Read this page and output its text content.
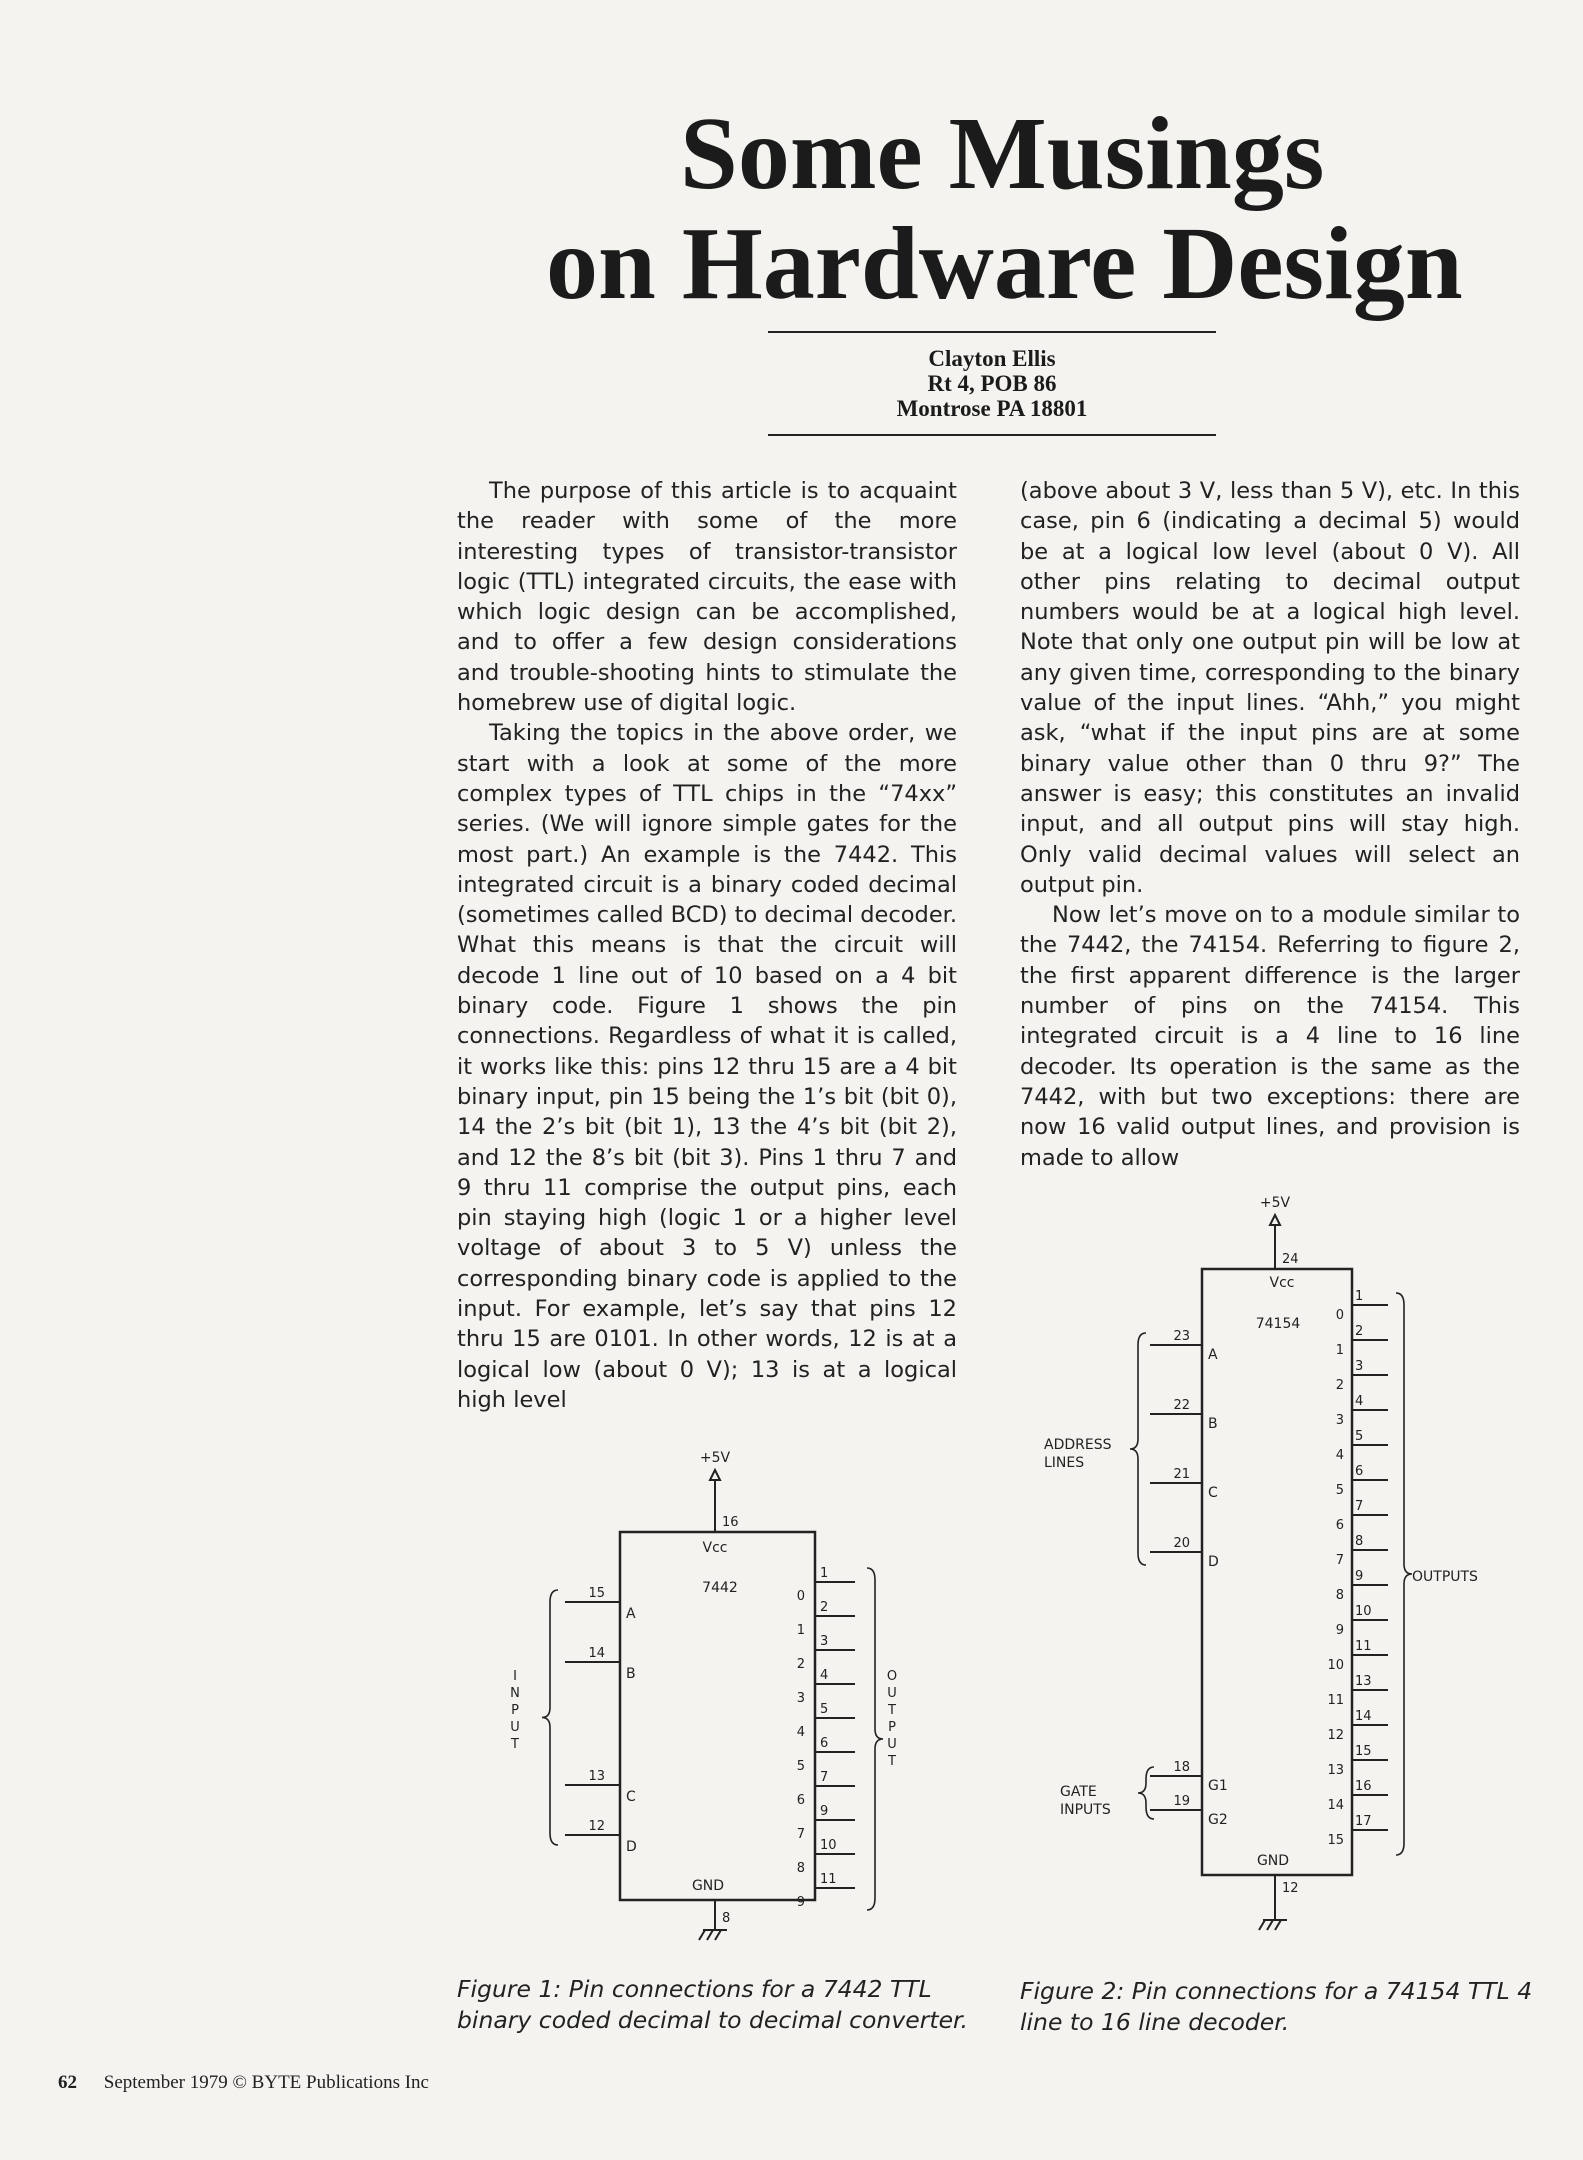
Some Musings
on Hardware Design
Clayton Ellis
Rt 4, POB 86
Montrose PA 18801

The purpose of this article is to acquaint the reader with some of the more interesting types of transistor-transistor logic (TTL) integrated circuits, the ease with which logic design can be accomplished, and to offer a few design considerations and trouble-shooting hints to stimulate the homebrew use of digital logic.

Taking the topics in the above order, we start with a look at some of the more complex types of TTL chips in the “74xx” series. (We will ignore simple gates for the most part.) An example is the 7442. This integrated circuit is a binary coded decimal (sometimes called BCD) to decimal decoder. What this means is that the circuit will decode 1 line out of 10 based on a 4 bit binary code. Figure 1 shows the pin connections. Regardless of what it is called, it works like this: pins 12 thru 15 are a 4 bit binary input, pin 15 being the 1’s bit (bit 0), 14 the 2’s bit (bit 1), 13 the 4’s bit (bit 2), and 12 the 8’s bit (bit 3). Pins 1 thru 7 and 9 thru 11 comprise the output pins, each pin staying high (logic 1 or a higher level voltage of about 3 to 5 V) unless the corresponding binary code is applied to the input. For example, let’s say that pins 12 thru 15 are 0101. In other words, 12 is at a logical low (about 0 V); 13 is at a logical high level

(above about 3 V, less than 5 V), etc. In this case, pin 6 (indicating a decimal 5) would be at a logical low level (about 0 V). All other pins relating to decimal output numbers would be at a logical high level. Note that only one output pin will be low at any given time, corresponding to the binary value of the input lines. “Ahh,” you might ask, “what if the input pins are at some binary value other than 0 thru 9?” The answer is easy; this constitutes an invalid input, and all output pins will stay high. Only valid decimal values will select an output pin.

Now let’s move on to a module similar to the 7442, the 74154. Referring to figure 2, the first apparent difference is the larger number of pins on the 74154. This integrated circuit is a 4 line to 16 line decoder. Its operation is the same as the 7442, with but two exceptions: there are now 16 valid output lines, and provision is made to allow

+5V
16
Vcc
7442
GND
8
15
A
14
B
13
C
12
D
I
N
P
U
T
0
1
1
2
2
3
3
4
4
5
5
6
6
7
7
9
8
10
9
11
O
U
T
P
U
T
Figure 1: Pin connections for a 7442 TTL binary coded decimal to decimal converter.
+5V
24
Vcc
74154
GND
12
23
A
22
B
21
C
20
D
ADDRESS
LINES
18
G1
19
G2
GATE
INPUTS
0
1
1
2
2
3
3
4
4
5
5
6
6
7
7
8
8
9
9
10
10
11
11
13
12
14
13
15
14
16
15
17
OUTPUTS
Figure 2: Pin connections for a 74154 TTL 4 line to 16 line decoder.
62 September 1979 © BYTE Publications Inc
